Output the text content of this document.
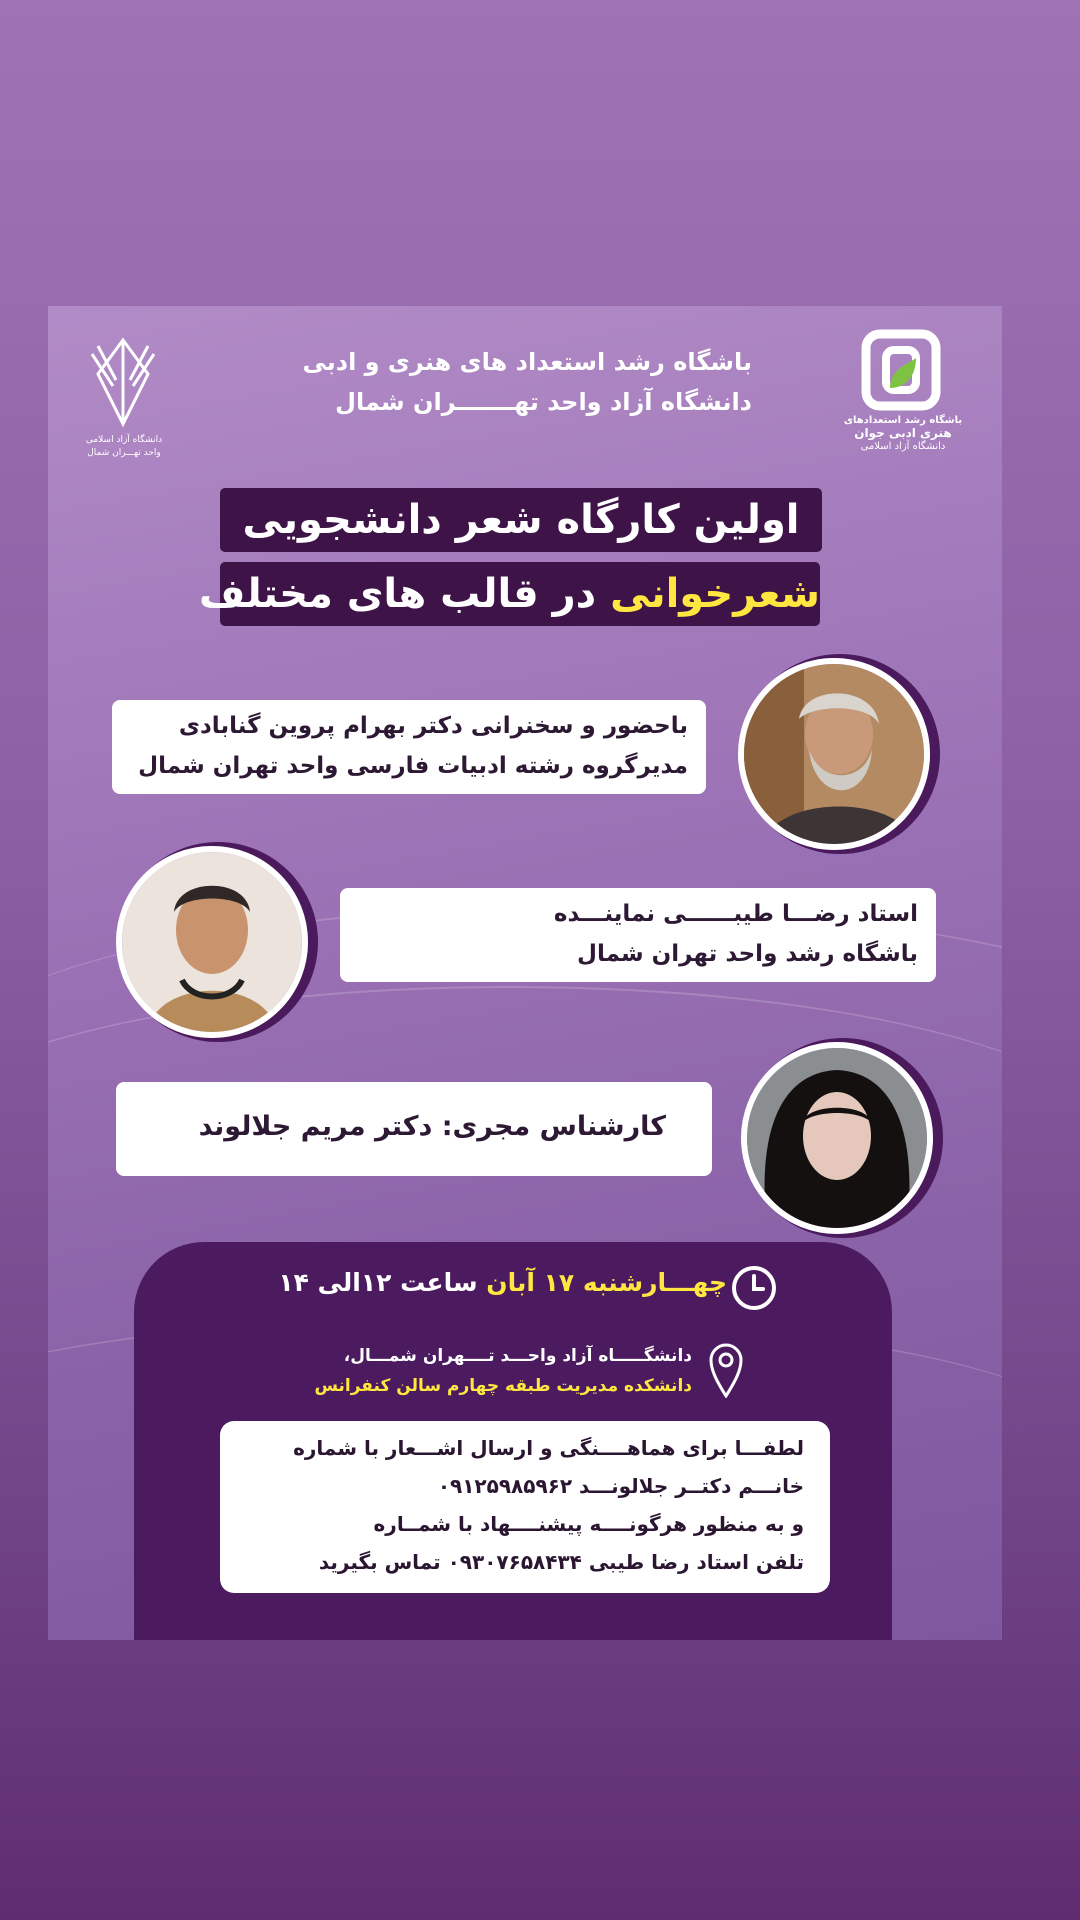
دانشگاه آزاد اسلامی
واحد تهـــران شمال
باشگاه رشد استعدادهای
هنری ادبی جوان
دانشگاه آزاد اسلامی
باشگاه رشد استعداد های هنری و ادبی
دانشگاه آزاد واحد تهـــــــران شمال
اولین کارگاه شعر دانشجویی
شعرخوانی در قالب های مختلف
باحضور و سخنرانی دکتر بهرام پروین گنابادی
مدیرگروه رشته ادبیات فارسی واحد تهران شمال
استاد رضـــا طیبــــــی نماینـــده
باشگاه رشد واحد تهران شمال
کارشناس مجری: دکتر مریم جلالوند
چهـــارشنبه ۱۷ آبان ساعت ۱۲الی ۱۴
دانشگـــــاه آزاد واحـــد تــــهران شمـــال،
دانشکده مدیریت طبقه چهارم سالن کنفرانس
لطفـــا برای هماهــــنگی و ارسال اشـــعار با شماره
خانـــم دکتــر جلالونـــد ۰۹۱۲۵۹۸۵۹۶۲
و به منظور هرگونــــه پیشنــــهاد با شمــاره
تلفن استاد رضا طیبی ۰۹۳۰۷۶۵۸۴۳۴ تماس بگیرید
